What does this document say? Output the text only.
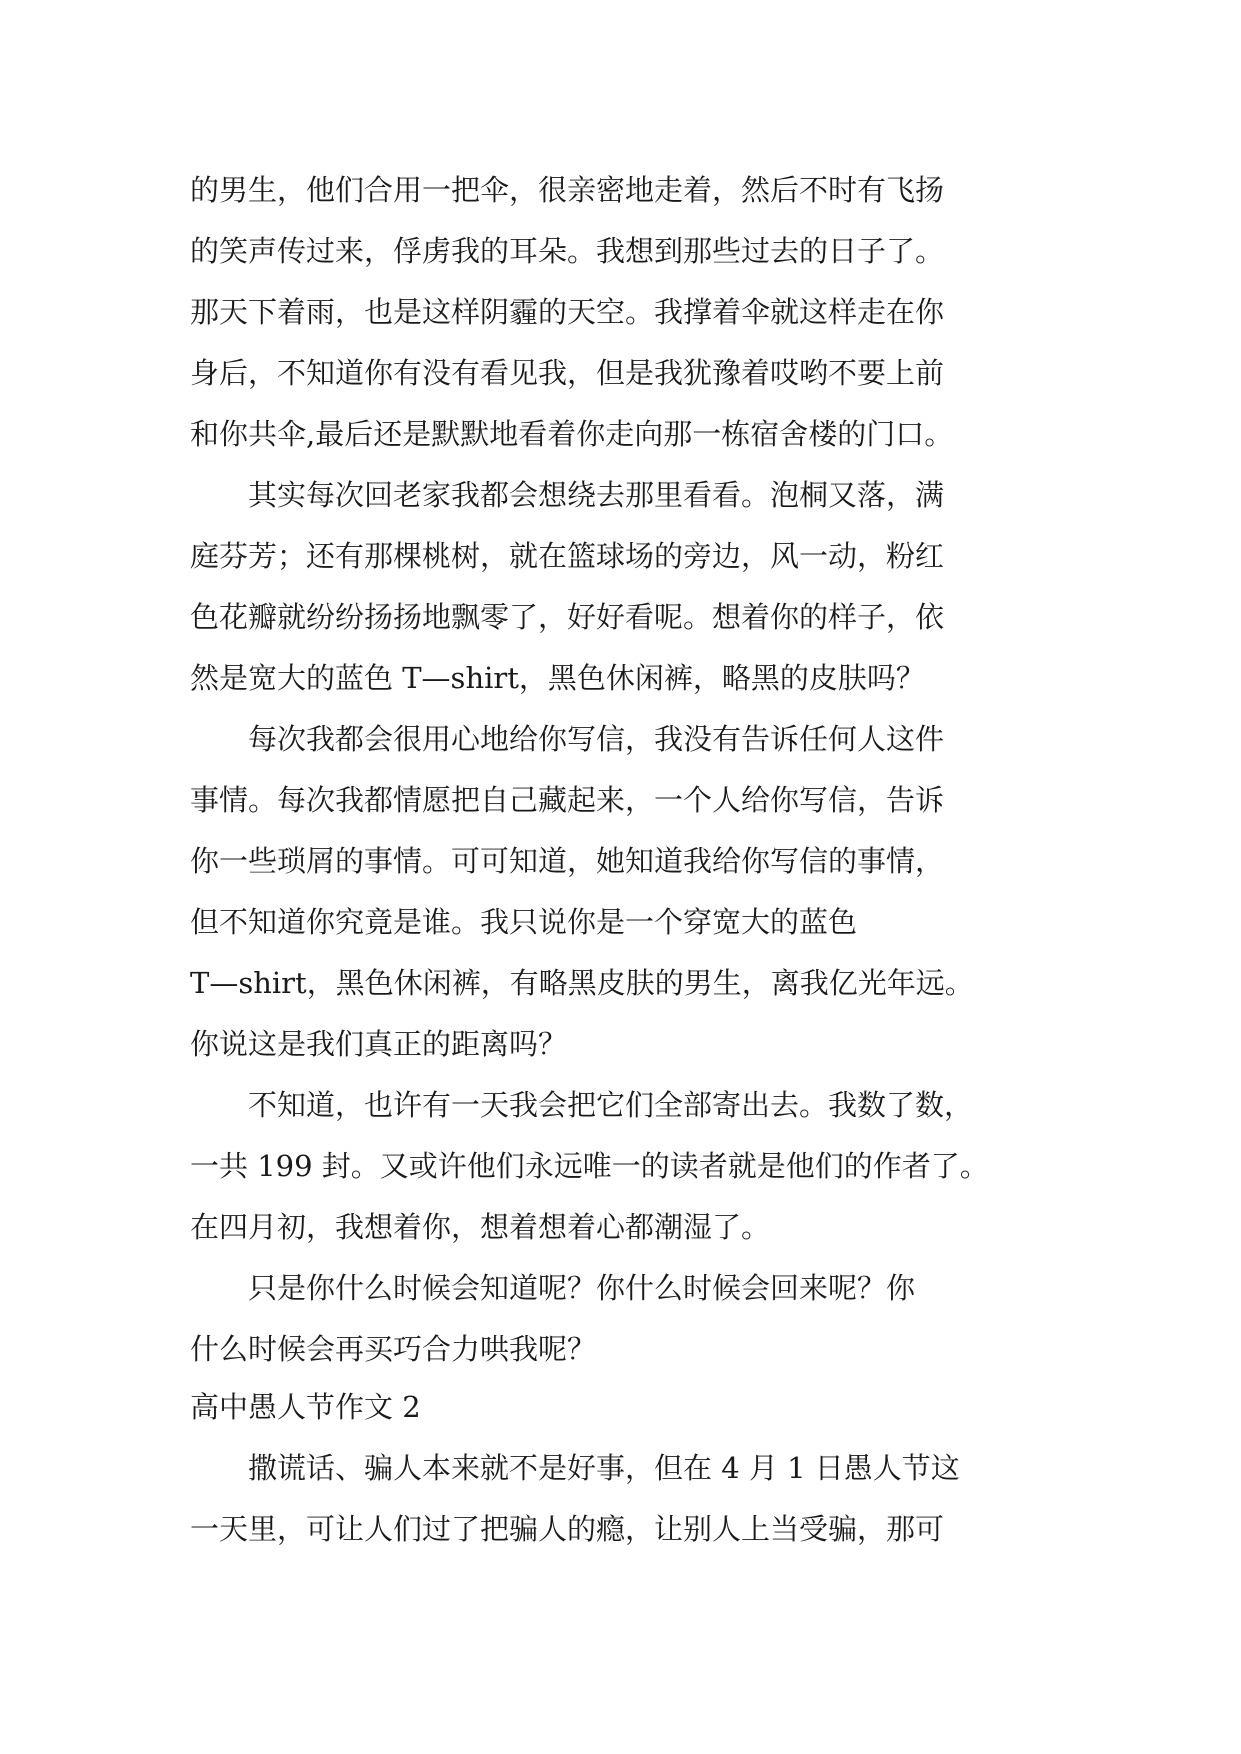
的男生，他们合用一把伞，很亲密地走着，然后不时有飞扬
的笑声传过来，俘虏我的耳朵。我想到那些过去的日子了。
那天下着雨，也是这样阴霾的天空。我撑着伞就这样走在你
身后，不知道你有没有看见我，但是我犹豫着哎哟不要上前
和你共伞,最后还是默默地看着你走向那一栋宿舍楼的门口。
　　其实每次回老家我都会想绕去那里看看。泡桐又落，满
庭芬芳；还有那棵桃树，就在篮球场的旁边，风一动，粉红
色花瓣就纷纷扬扬地飘零了，好好看呢。想着你的样子，依
然是宽大的蓝色 T—shirt，黑色休闲裤，略黑的皮肤吗？
　　每次我都会很用心地给你写信，我没有告诉任何人这件
事情。每次我都情愿把自己藏起来，一个人给你写信，告诉
你一些琐屑的事情。可可知道，她知道我给你写信的事情，
但不知道你究竟是谁。我只说你是一个穿宽大的蓝色
T—shirt，黑色休闲裤，有略黑皮肤的男生，离我亿光年远。
你说这是我们真正的距离吗？
　　不知道，也许有一天我会把它们全部寄出去。我数了数，
一共 199 封。又或许他们永远唯一的读者就是他们的作者了。
在四月初，我想着你，想着想着心都潮湿了。
　　只是你什么时候会知道呢？你什么时候会回来呢？你
什么时候会再买巧合力哄我呢？
高中愚人节作文 2
　　撒谎话、骗人本来就不是好事，但在 4 月 1 日愚人节这
一天里，可让人们过了把骗人的瘾，让别人上当受骗，那可
